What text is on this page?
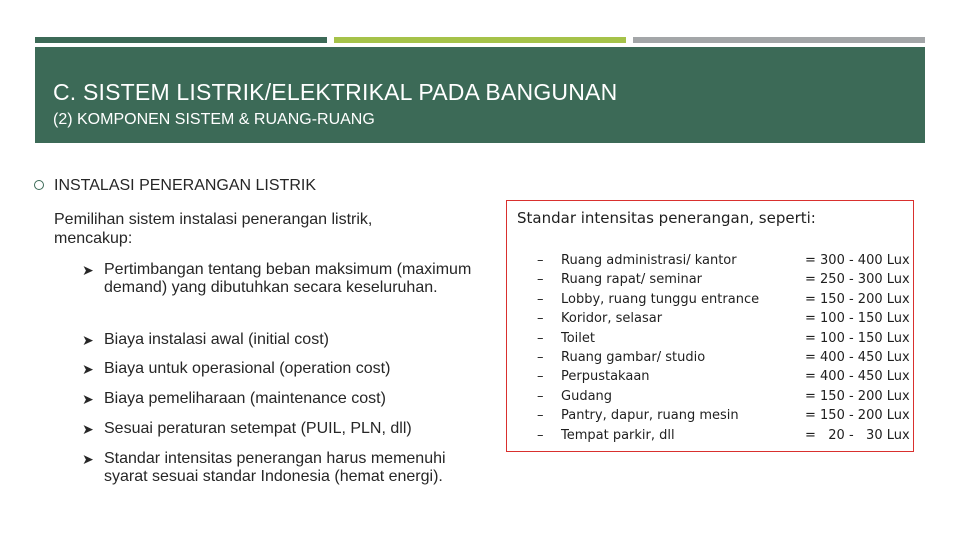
C. SISTEM LISTRIK/ELEKTRIKAL PADA BANGUNAN
(2) KOMPONEN SISTEM & RUANG-RUANG
INSTALASI PENERANGAN LISTRIK
Pemilihan sistem instalasi penerangan listrik, mencakup:
➤ Pertimbangan tentang beban maksimum (maximum demand) yang dibutuhkan secara keseluruhan.
➤ Biaya instalasi awal (initial cost)
➤ Biaya untuk operasional (operation cost)
➤ Biaya pemeliharaan (maintenance cost)
➤ Sesuai peraturan setempat (PUIL, PLN, dll)
➤ Standar intensitas penerangan harus memenuhi syarat sesuai standar Indonesia (hemat energi).
Standar intensitas penerangan, seperti:
– Ruang administrasi/ kantor	= 300 - 400 Lux
– Ruang rapat/ seminar	= 250 - 300 Lux
– Lobby, ruang tunggu entrance	= 150 - 200 Lux
– Koridor, selasar	= 100 - 150 Lux
– Toilet	= 100 - 150 Lux
– Ruang gambar/ studio	= 400 - 450 Lux
– Perpustakaan	= 400 - 450 Lux
– Gudang	= 150 - 200 Lux
– Pantry, dapur, ruang mesin	= 150 - 200 Lux
– Tempat parkir, dll	=   20 -   30 Lux
